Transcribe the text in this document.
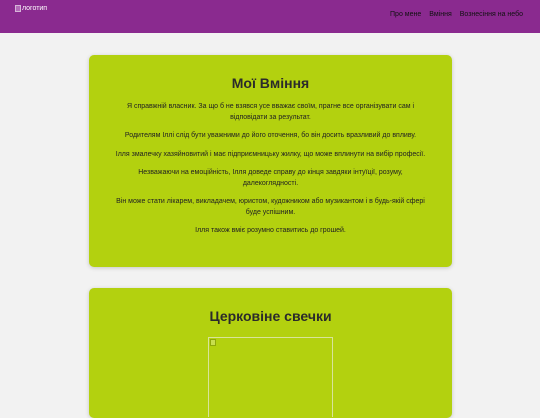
логотип
Про мене Вміння Вознесіння на небо
Мої Вміння

Я справжній власник. За що б не взявся усе вважає своїм, прагне все організувати сам і відповідати за результат.

Родителям Іллі слід бути уважними до його оточення, бо він досить вразливий до впливу.

Ілля змалечку хазяйновитий і має підприємницьку жилку, що може вплинути на вибір професії.

Незважаючи на емоційність, Ілля доведе справу до кінця завдяки інтуїції, розуму, далекоглядності.

Він може стати лікарем, викладачем, юристом, кудожником або музикантом і в будь-якій сфері буде успішним.

Ілля також вміє розумно ставитись до грошей.

Церковіне свечки
